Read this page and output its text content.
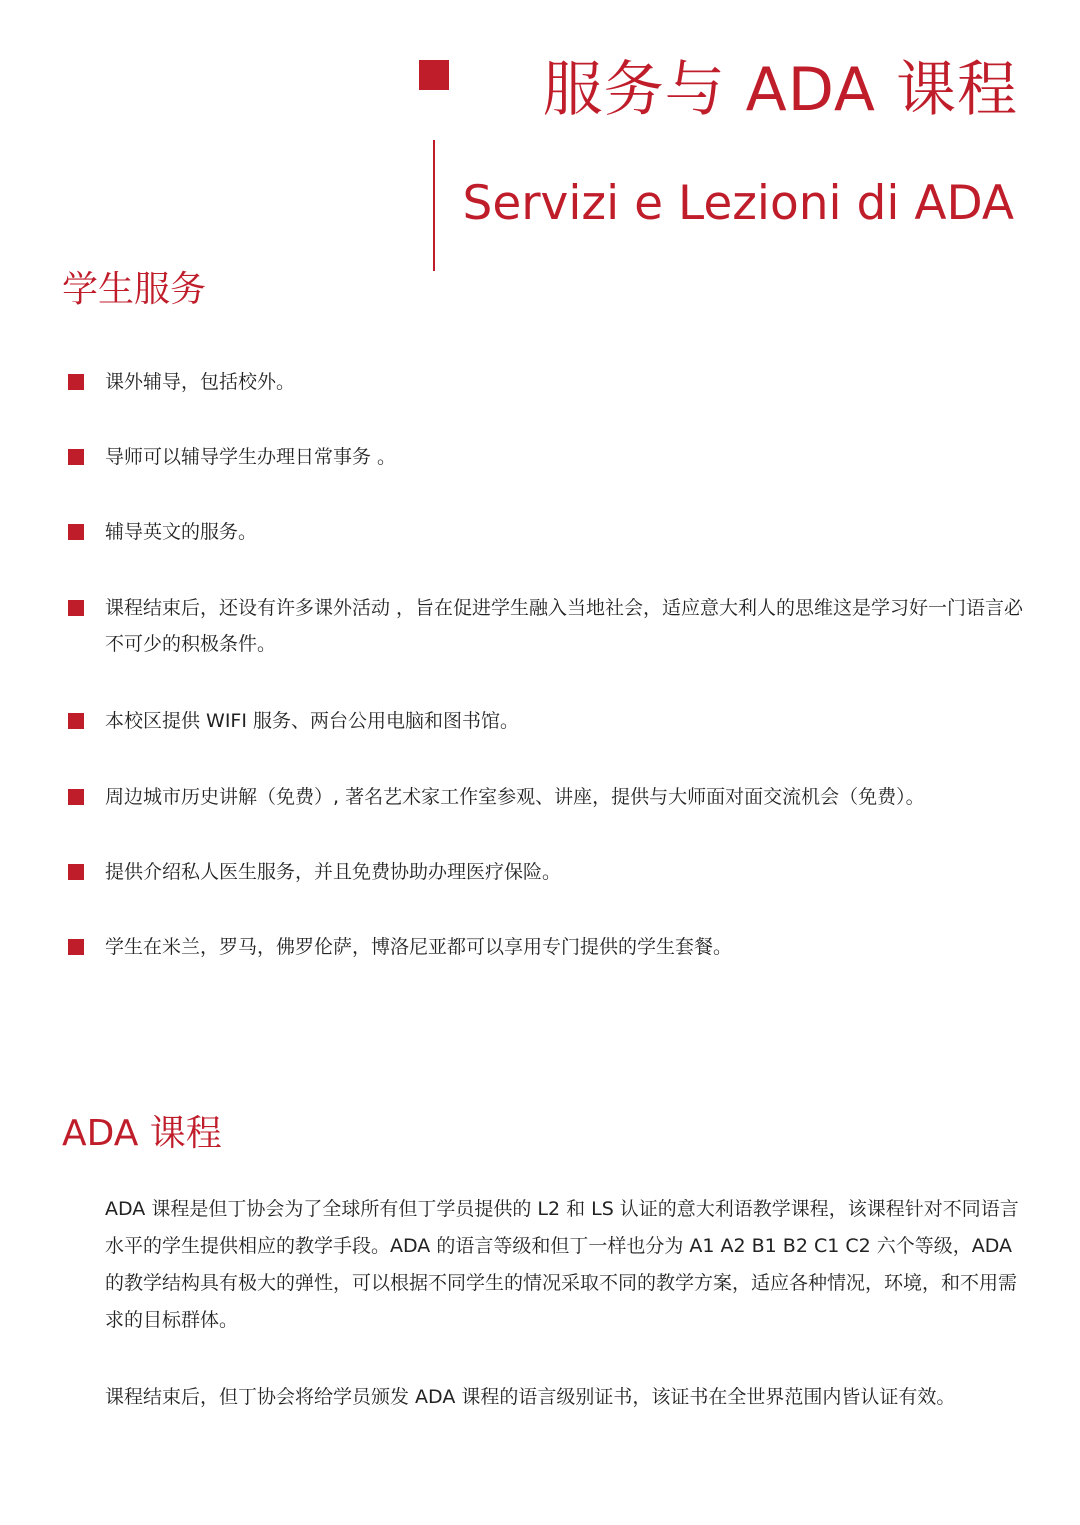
服务与 ADA 课程
Servizi e Lezioni di ADA
学生服务
课外辅导，包括校外。
导师可以辅导学生办理日常事务 。
辅导英文的服务。
课程结束后，还设有许多课外活动 ，旨在促进学生融入当地社会，适应意大利人的思维这是学习好一门语言必不可少的积极条件。
本校区提供 WIFI 服务、两台公用电脑和图书馆。
周边城市历史讲解（免费）, 著名艺术家工作室参观、讲座，提供与大师面对面交流机会（免费）。
提供介绍私人医生服务，并且免费协助办理医疗保险。
学生在米兰，罗马，佛罗伦萨，博洛尼亚都可以享用专门提供的学生套餐。
ADA 课程

ADA 课程是但丁协会为了全球所有但丁学员提供的 L2 和 LS 认证的意大利语教学课程，该课程针对不同语言水平的学生提供相应的教学手段。ADA 的语言等级和但丁一样也分为 A1 A2 B1 B2 C1 C2 六个等级，ADA 的教学结构具有极大的弹性，可以根据不同学生的情况采取不同的教学方案，适应各种情况，环境，和不用需求的目标群体。

课程结束后，但丁协会将给学员颁发 ADA 课程的语言级别证书，该证书在全世界范围内皆认证有效。
